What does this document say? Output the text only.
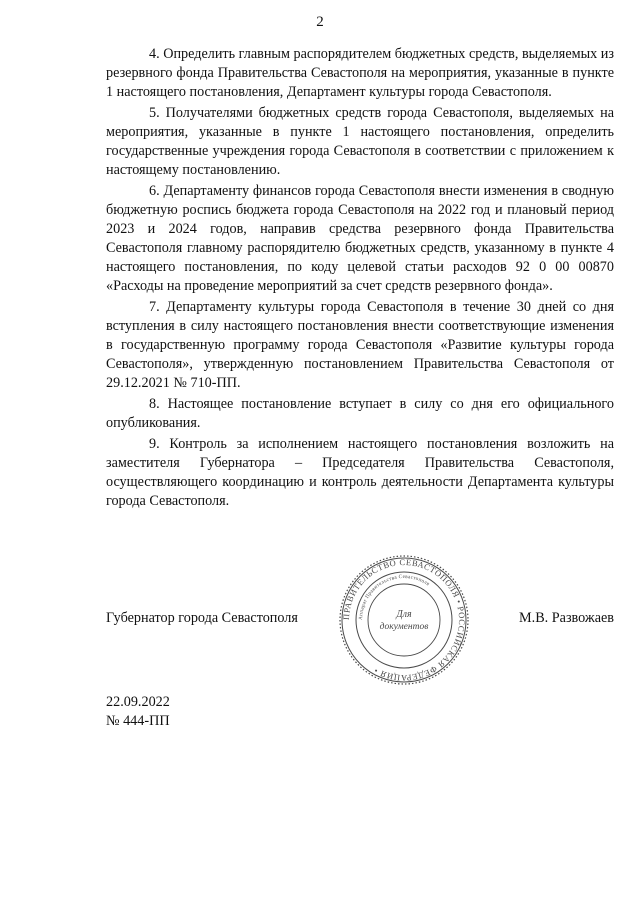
2

4. Определить главным распорядителем бюджетных средств, выделяемых из резервного фонда Правительства Севастополя на мероприятия, указанные в пункте 1 настоящего постановления, Департамент культуры города Севастополя.

5. Получателями бюджетных средств города Севастополя, выделяемых на мероприятия, указанные в пункте 1 настоящего постановления, определить государственные учреждения города Севастополя в соответствии с приложением к настоящему постановлению.

6. Департаменту финансов города Севастополя внести изменения в сводную бюджетную роспись бюджета города Севастополя на 2022 год и плановый период 2023 и 2024 годов, направив средства резервного фонда Правительства Севастополя главному распорядителю бюджетных средств, указанному в пункте 4 настоящего постановления, по коду целевой статьи расходов 92 0 00 00870 «Расходы на проведение мероприятий за счет средств резервного фонда».

7. Департаменту культуры города Севастополя в течение 30 дней со дня вступления в силу настоящего постановления внести соответствующие изменения в государственную программу города Севастополя «Развитие культуры города Севастополя», утвержденную постановлением Правительства Севастополя от 29.12.2021 № 710-ПП.

8. Настоящее постановление вступает в силу со дня его официального опубликования.

9. Контроль за исполнением настоящего постановления возложить на заместителя Губернатора – Председателя Правительства Севастополя, осуществляющего координацию и контроль деятельности Департамента культуры города Севастополя.

ПРАВИТЕЛЬСТВО СЕВАСТОПОЛЯ • РОССИЙСКАЯ ФЕДЕРАЦИЯ •
Аппарат Правительства Севастополя
Для
документов
Губернатор города Севастополя	М.В. Развожаев
22.09.2022
№ 444-ПП
